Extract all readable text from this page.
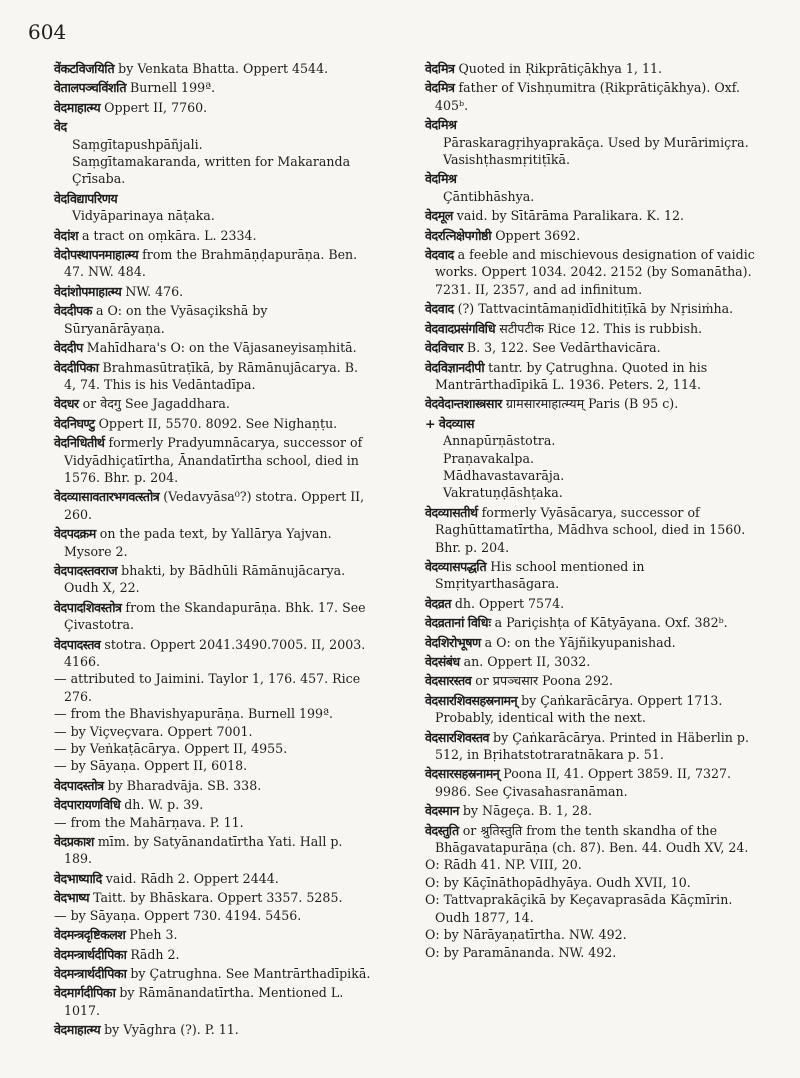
604
वेंकटविजयिति by Venkata Bhatta. Oppert 4544.
वेतालपञ्चविंशति Burnell 199ª.
वेदमाहात्म्य Oppert II, 7760.
वेद
Saṃgītapushpāñjali.
Saṃgītamakaranda, written for Makaranda Çrīsaba.
वेदविद्यापरिणय
Vidyāparinaya nāṭaka.
वेदांश a tract on oṃkāra. L. 2334.
वेदोपस्थापनमाहात्म्य from the Brahmāṇḍapurāṇa. Ben. 47. NW. 484.
वेदांशोपमाहात्म्य NW. 476.
वेददीपक a O: on the Vyāsaçikshā by Sūryanārāyaṇa.
वेददीप Mahīdhara's O: on the Vājasaneyisaṃhitā.
वेददीपिका Brahmasūtraṭīkā, by Rāmānujācarya. B. 4, 74. This is his Vedāntadīpa.
वेदधर or वेदगु See Jagaddhara.
वेदनिघण्टु Oppert II, 5570. 8092. See Nighaṇṭu.
वेदनिधितीर्थ formerly Pradyumnācarya, successor of Vidyādhiçatīrtha, Ānandatīrtha school, died in 1576. Bhr. p. 204.
वेदव्यासावतारभगवत्स्तोत्र (Vedavyāsa⁰?) stotra. Oppert II, 260.
वेदपदक्रम on the pada text, by Yallārya Yajvan. Mysore 2.
वेदपादस्तवराज bhakti, by Bādhūli Rāmānujācarya. Oudh X, 22.
वेदपादशिवस्तोत्र from the Skandapurāṇa. Bhk. 17. See Çivastotra.
वेदपादस्तव stotra. Oppert 2041.3490.7005. II, 2003. 4166.
— attributed to Jaimini. Taylor 1, 176. 457. Rice 276.
— from the Bhavishyapurāṇa. Burnell 199ª.
— by Viçveçvara. Oppert 7001.
— by Veṅkaṭācārya. Oppert II, 4955.
— by Sāyaṇa. Oppert II, 6018.
वेदपादस्तोत्र by Bharadvāja. SB. 338.
वेदपारायणविधि dh. W. p. 39.
— from the Mahārṇava. P. 11.
वेदप्रकाश mīm. by Satyānandatīrtha Yati. Hall p. 189.
वेदभाष्यादि vaid. Rādh 2. Oppert 2444.
वेदभाष्य Taitt. by Bhāskara. Oppert 3357. 5285.
— by Sāyaṇa. Oppert 730. 4194. 5456.
वेदमन्त्रदृष्टिकलश Pheh 3.
वेदमन्त्रार्थदीपिका Rādh 2.
वेदमन्त्रार्थदीपिका by Çatrughna. See Mantrārthadīpikā.
वेदमार्गदीपिका by Rāmānandatīrtha. Mentioned L. 1017.
वेदमाहात्म्य by Vyāghra (?). P. 11.
वेदमित्र Quoted in Ṛikprātiçākhya 1, 11.
वेदमित्र father of Vishṇumitra (Ṛikprātiçākhya). Oxf. 405ᵇ.
वेदमिश्र
Pāraskaragṛihyaprakāça. Used by Murārimiçra.
Vasishṭhasmṛitiṭīkā.
वेदमिश्र
Çāntibhāshya.
वेदमूल vaid. by Sītārāma Paralikara. K. 12.
वेदरत्निक्षेपगोष्ठी Oppert 3692.
वेदवाद a feeble and mischievous designation of vaidic works. Oppert 1034. 2042. 2152 (by Somanātha). 7231. II, 2357, and ad infinitum.
वेदवाद (?) Tattvacintāmaṇidīdhitiṭīkā by Nṛisiṁha.
वेदवादप्रसंगविधि सटीपटीक Rice 12. This is rubbish.
वेदविचार B. 3, 122. See Vedārthavicāra.
वेदविज्ञानदीपी tantr. by Çatrughna. Quoted in his Mantrārthadīpikā L. 1936. Peters. 2, 114.
वेदवेदान्तशास्त्रसार ग्रामसारमाहात्म्यम् Paris (B 95 c).
+ वेदव्यास
Annapūrṇāstotra.
Praṇavakalpa.
Mādhavastavarāja.
Vakratuṇḍāshṭaka.
वेदव्यासतीर्थ formerly Vyāsācarya, successor of Raghūttamatīrtha, Mādhva school, died in 1560. Bhr. p. 204.
वेदव्यासपद्धति His school mentioned in Smṛityarthasāgara.
वेदव्रत dh. Oppert 7574.
वेदव्रतानां विधिः a Pariçishṭa of Kātyāyana. Oxf. 382ᵇ.
वेदशिरोभूषण a O: on the Yājñikyupanishad.
वेदसंबंध an. Oppert II, 3032.
वेदसारस्तव or प्रपञ्चसार Poona 292.
वेदसारशिवसहस्रनामन् by Çaṅkarācārya. Oppert 1713. Probably, identical with the next.
वेदसारशिवस्तव by Çaṅkarācārya. Printed in Häberlin p. 512, in Bṛihatstotraratnākara p. 51.
वेदसारसहस्रनामन् Poona II, 41. Oppert 3859. II, 7327. 9986. See Çivasahasranāman.
वेदस्मान by Nāgeça. B. 1, 28.
वेदस्तुति or श्रुतिस्तुति from the tenth skandha of the Bhāgavatapurāṇa (ch. 87). Ben. 44. Oudh XV, 24.
O: Rādh 41. NP. VIII, 20.
O: by Kāçīnāthopādhyāya. Oudh XVII, 10.
O: Tattvaprakāçikā by Keçavaprasāda Kāçmīrin. Oudh 1877, 14.
O: by Nārāyaṇatīrtha. NW. 492.
O: by Paramānanda. NW. 492.
